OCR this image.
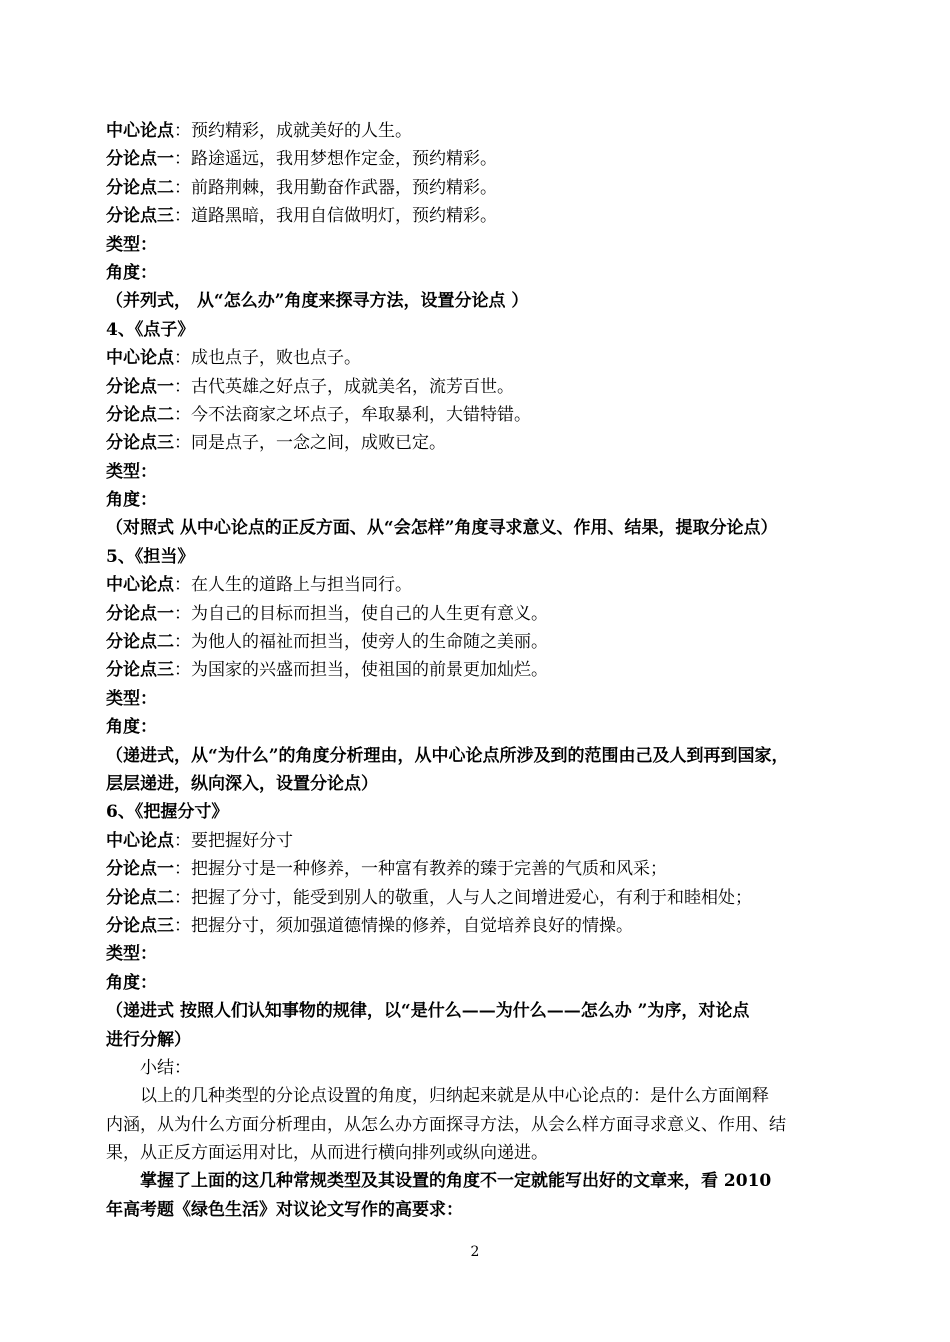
中心论点：预约精彩，成就美好的人生。
分论点一：路途遥远，我用梦想作定金，预约精彩。
分论点二：前路荆棘，我用勤奋作武器，预约精彩。
分论点三：道路黑暗，我用自信做明灯，预约精彩。
类型：
角度：
（并列式， 从“怎么办”角度来探寻方法，设置分论点 ）
4、《点子》
中心论点：成也点子，败也点子。
分论点一：古代英雄之好点子，成就美名，流芳百世。
分论点二：今不法商家之坏点子，牟取暴利，大错特错。
分论点三：同是点子，一念之间，成败已定。
类型：
角度：
（对照式 从中心论点的正反方面、从“会怎样”角度寻求意义、作用、结果，提取分论点）
5、《担当》
中心论点：在人生的道路上与担当同行。
分论点一：为自己的目标而担当，使自己的人生更有意义。
分论点二：为他人的福祉而担当，使旁人的生命随之美丽。
分论点三：为国家的兴盛而担当，使祖国的前景更加灿烂。
类型：
角度：
（递进式，从“为什么”的角度分析理由，从中心论点所涉及到的范围由己及人到再到国家，
层层递进，纵向深入，设置分论点）
6、《把握分寸》
中心论点：要把握好分寸
分论点一：把握分寸是一种修养，一种富有教养的臻于完善的气质和风采；
分论点二：把握了分寸，能受到别人的敬重，人与人之间增进爱心，有利于和睦相处；
分论点三：把握分寸，须加强道德情操的修养，自觉培养良好的情操。
类型：
角度：
（递进式 按照人们认知事物的规律，以“是什么——为什么——怎么办 ”为序，对论点
进行分解）
小结：
以上的几种类型的分论点设置的角度，归纳起来就是从中心论点的：是什么方面阐释
内涵，从为什么方面分析理由，从怎么办方面探寻方法，从会么样方面寻求意义、作用、结
果，从正反方面运用对比，从而进行横向排列或纵向递进。
掌握了上面的这几种常规类型及其设置的角度不一定就能写出好的文章来，看 2010
年高考题《绿色生活》对议论文写作的高要求：
2
